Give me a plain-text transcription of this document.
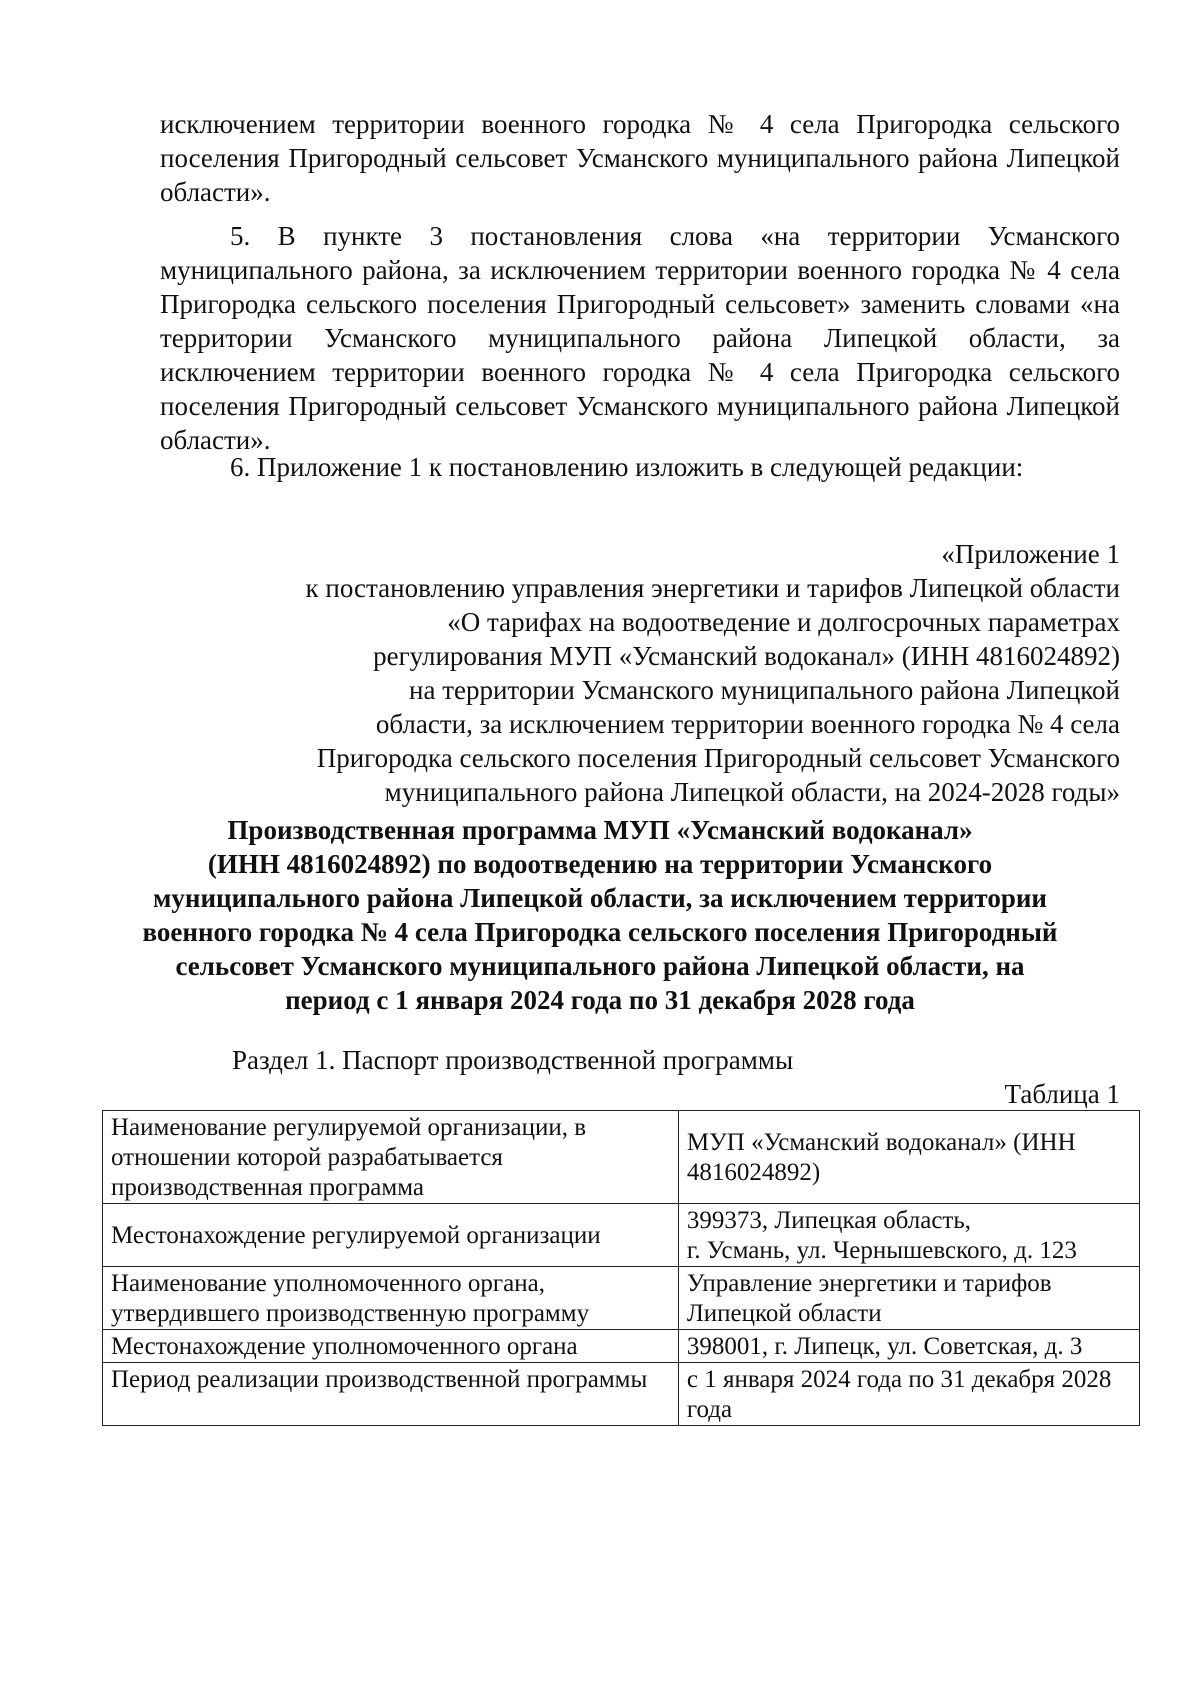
исключением территории военного городка № 4 села Пригородка сельского поселения Пригородный сельсовет Усманского муниципального района Липецкой области».

5. В пункте 3 постановления слова «на территории Усманского муниципального района, за исключением территории военного городка № 4 села Пригородка сельского поселения Пригородный сельсовет» заменить словами «на территории Усманского муниципального района Липецкой области, за исключением территории военного городка № 4 села Пригородка сельского поселения Пригородный сельсовет Усманского муниципального района Липецкой области».

6. Приложение 1 к постановлению изложить в следующей редакции:

«Приложение 1
к постановлению управления энергетики и тарифов Липецкой области
«О тарифах на водоотведение и долгосрочных параметрах
регулирования МУП «Усманский водоканал» (ИНН 4816024892)
на территории Усманского муниципального района Липецкой
области, за исключением территории военного городка № 4 села
Пригородка сельского поселения Пригородный сельсовет Усманского
муниципального района Липецкой области, на 2024-2028 годы»
Производственная программа МУП «Усманский водоканал»
(ИНН 4816024892) по водоотведению на территории Усманского
муниципального района Липецкой области, за исключением территории
военного городка № 4 села Пригородка сельского поселения Пригородный
сельсовет Усманского муниципального района Липецкой области, на
период с 1 января 2024 года по 31 декабря 2028 года
Раздел 1. Паспорт производственной программы
Таблица 1
Наименование регулируемой организации, в отношении которой разрабатывается производственная программа	МУП «Усманский водоканал» (ИНН 4816024892)
Местонахождение регулируемой организации	399373, Липецкая область,
г. Усмань, ул. Чернышевского, д. 123

Наименование уполномоченного органа, утвердившего производственную программу	Управление энергетики и тарифов Липецкой области
Местонахождение уполномоченного органа	398001, г. Липецк, ул. Советская, д. 3
Период реализации производственной программы	с 1 января 2024 года по 31 декабря 2028 года
